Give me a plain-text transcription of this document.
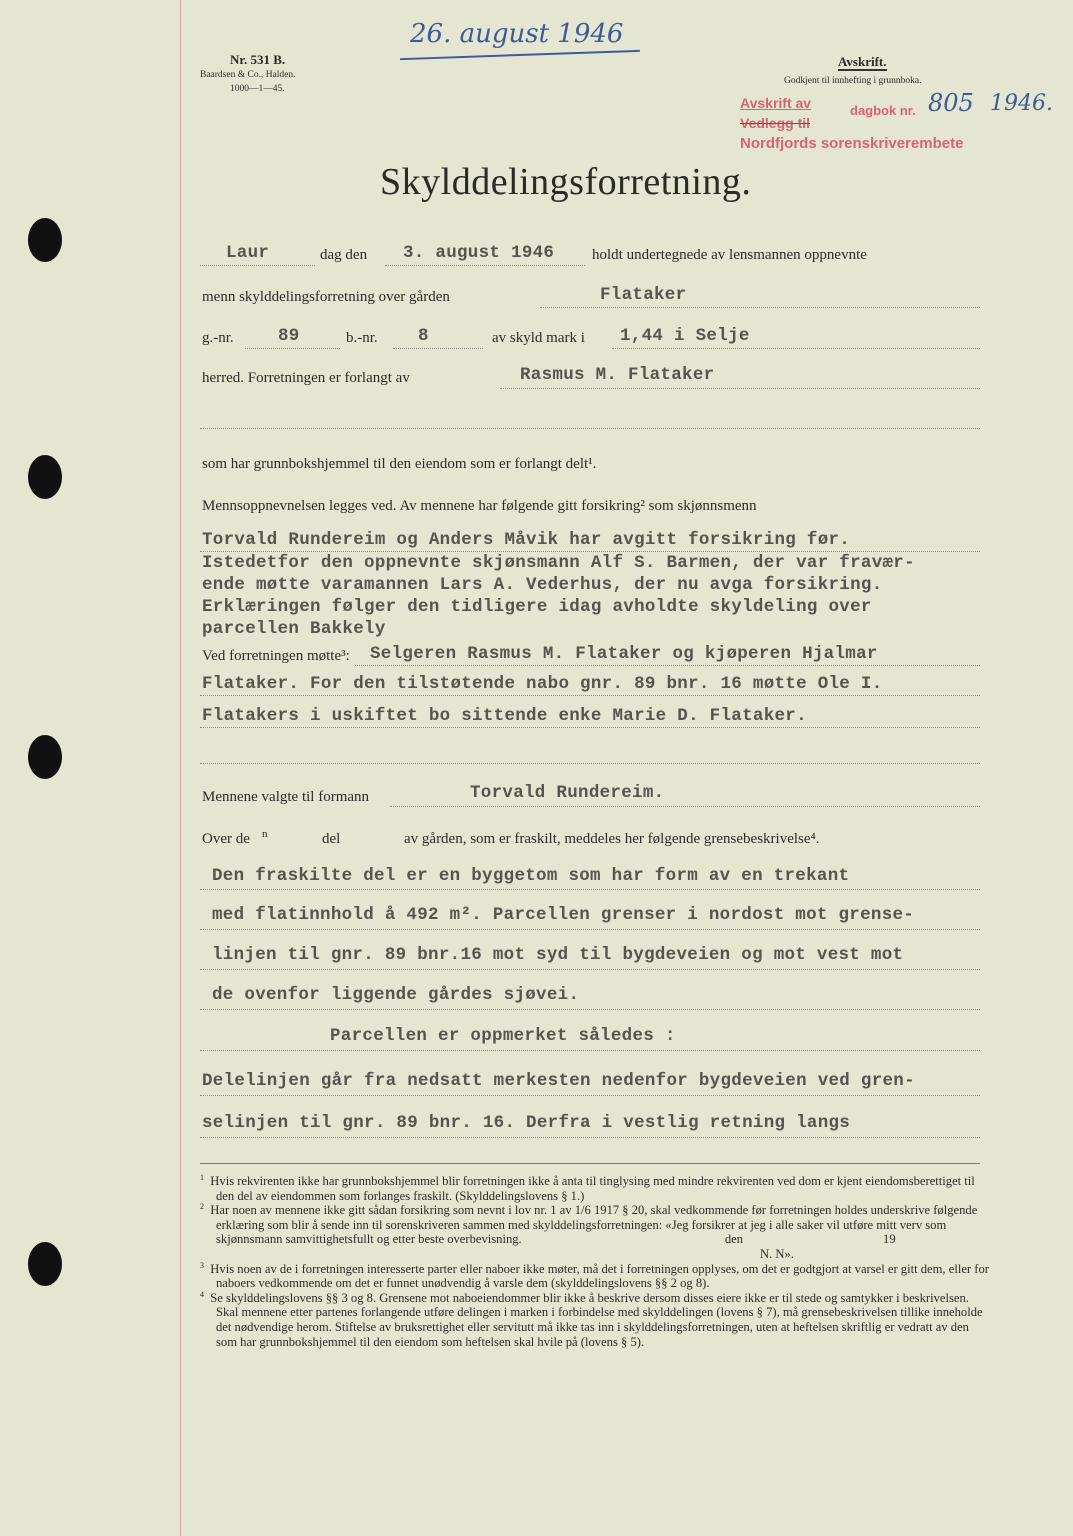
Nr. 531 B.
Baardsen & Co., Halden.
1000—1—45.
26. august 1946
Avskrift.
Godkjent til innhefting i grunnboka.
Avskrift av
Vedlegg til
dagbok nr. 805 1946.
Nordfjords sorenskriverembete
Skylddelingsforretning.
Laur	dag den 3. august 1946	holdt undertegnede av lensmannen oppnevnte
menn skylddelingsforretning over gården	Flataker
g.-nr.	89	b.-nr. 8	av skyld mark i 1,44 i Selje
herred. Forretningen er forlangt av	Rasmus M. Flataker
som har grunnbokshjemmel til den eiendom som er forlangt delt¹.
Mennsoppnevnelsen legges ved. Av mennene har følgende gitt forsikring² som skjønnsmenn
Torvald Rundereim og Anders Måvik har avgitt forsikring før.
Istedetfor den oppnevnte skjønsmann Alf S. Barmen, der var fravær-
ende møtte varamannen Lars A. Vederhus, der nu avga forsikring.
Erklæringen følger den tidligere idag avholdte skyldeling over
parcellen Bakkely
Ved forretningen møtte³: Selgeren Rasmus M. Flataker og kjøperen Hjalmar
Flataker. For den tilstøtende nabo gnr. 89 bnr. 16 møtte Ole I.
Flatakers i uskiftet bo sittende enke Marie D. Flataker.
Mennene valgte til formann	Torvald Rundereim.
Over de n	del	av gården, som er fraskilt, meddeles her følgende grensebeskrivelse⁴.
Den fraskilte del er en byggetom som har form av en trekant
med flatinnhold å 492 m². Parcellen grenser i nordost mot grense-
linjen til gnr. 89 bnr.16 mot syd til bygdeveien og mot vest mot
de ovenfor liggende gårdes sjøvei.
Parcellen er oppmerket således :
Delelinjen går fra nedsatt merkesten nedenfor bygdeveien ved gren-
selinjen til gnr. 89 bnr. 16. Derfra i vestlig retning langs

$^1$ Hvis rekvirenten ikke har grunnbokshjemmel blir forretningen ikke å anta til tinglysing med mindre rekvirenten ved dom er kjent eiendomsberettiget til den del av eiendommen som forlanges fraskilt. (Skylddelingslovens § 1.)

$^2$ Har noen av mennene ikke gitt sådan forsikring som nevnt i lov nr. 1 av 1/6 1917 § 20, skal vedkommende før forretningen holdes underskrive følgende erklæring som blir å sende inn til sorenskriveren sammen med skylddelingsforretningen: «Jeg forsikrer at jeg i alle saker vil utføre mitt verv som skjønnsmann samvittighetsfullt og etter beste overbevisning.	den	19

N. N».

$^3$ Hvis noen av de i forretningen interesserte parter eller naboer ikke møter, må det i forretningen opplyses, om det er godtgjort at varsel er gitt dem, eller for naboers vedkommende om det er funnet unødvendig å varsle dem (skylddelingslovens §§ 2 og 8).

$^4$ Se skylddelingslovens §§ 3 og 8. Grensene mot naboeiendommer blir ikke å beskrive dersom disses eiere ikke er til stede og samtykker i beskrivelsen. Skal mennene etter partenes forlangende utføre delingen i marken i forbindelse med skylddelingen (lovens § 7), må grensebeskrivelsen tillike inneholde det nødvendige herom. Stiftelse av bruksrettighet eller servitutt må ikke tas inn i skylddelingsforretningen, uten at heftelsen skriftlig er vedratt av den som har grunnbokshjemmel til den eiendom som heftelsen skal hvile på (lovens § 5).
